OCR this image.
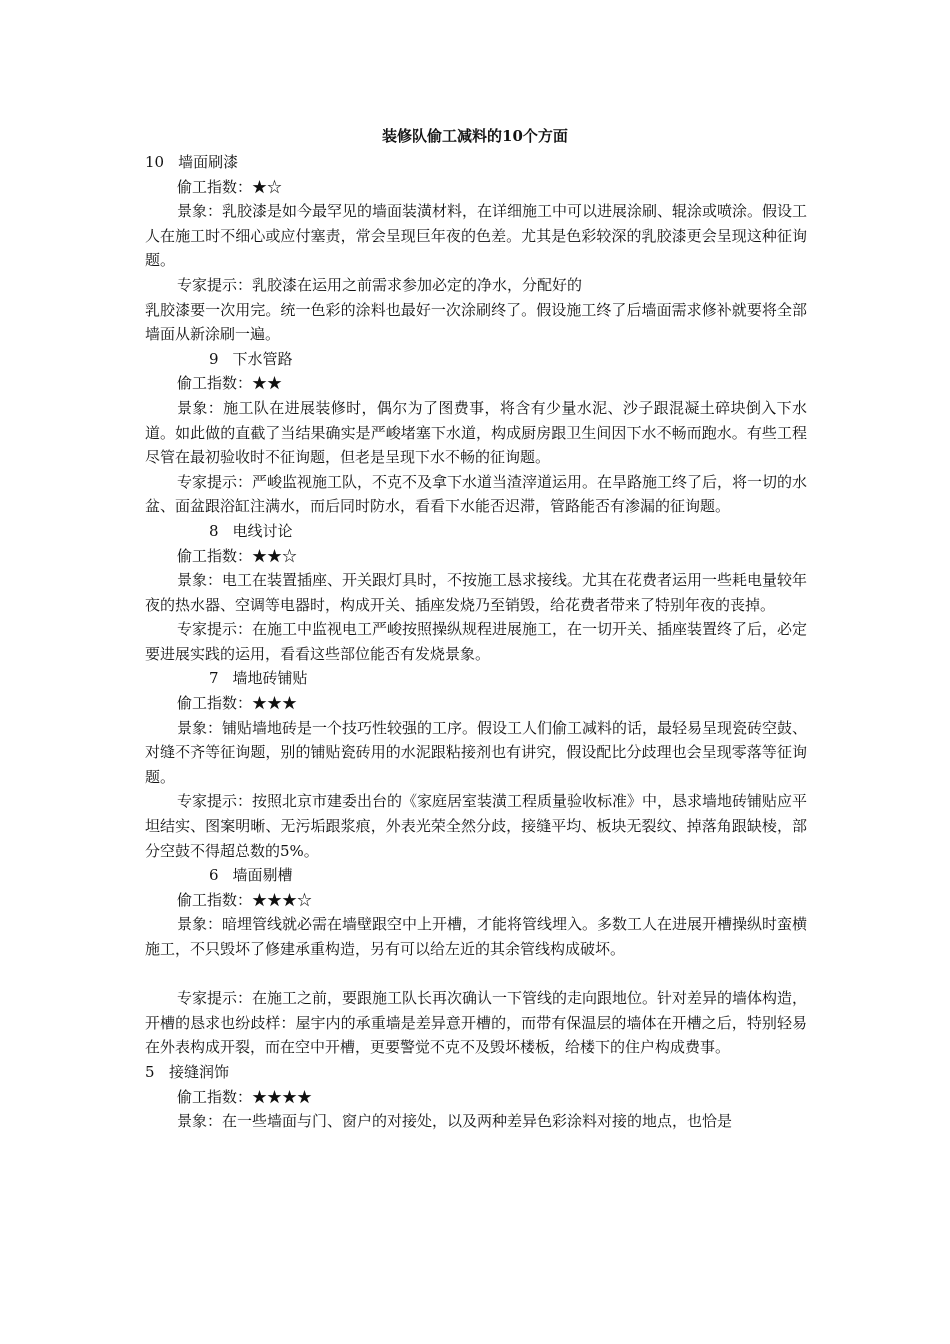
装修队偷工减料的10个方面

10 墙面刷漆

偷工指数：★☆

景象：乳胶漆是如今最罕见的墙面装潢材料，在详细施工中可以进展涂刷、辊涂或喷涂。假设工人在施工时不细心或应付塞责，常会呈现巨年夜的色差。尤其是色彩较深的乳胶漆更会呈现这种征询题。

专家提示：乳胶漆在运用之前需求参加必定的净水，分配好的

乳胶漆要一次用完。统一色彩的涂料也最好一次涂刷终了。假设施工终了后墙面需求修补就要将全部墙面从新涂刷一遍。

9 下水管路

偷工指数：★★

景象：施工队在进展装修时，偶尔为了图费事，将含有少量水泥、沙子跟混凝土碎块倒入下水道。如此做的直截了当结果确实是严峻堵塞下水道，构成厨房跟卫生间因下水不畅而跑水。有些工程尽管在最初验收时不征询题，但老是呈现下水不畅的征询题。

专家提示：严峻监视施工队，不克不及拿下水道当渣滓道运用。在旱路施工终了后，将一切的水盆、面盆跟浴缸注满水，而后同时防水，看看下水能否迟滞，管路能否有渗漏的征询题。

8 电线讨论

偷工指数：★★☆

景象：电工在装置插座、开关跟灯具时，不按施工恳求接线。尤其在花费者运用一些耗电量较年夜的热水器、空调等电器时，构成开关、插座发烧乃至销毁，给花费者带来了特别年夜的丧掉。

专家提示：在施工中监视电工严峻按照操纵规程进展施工，在一切开关、插座装置终了后，必定要进展实践的运用，看看这些部位能否有发烧景象。

7 墙地砖铺贴

偷工指数：★★★

景象：铺贴墙地砖是一个技巧性较强的工序。假设工人们偷工减料的话，最轻易呈现瓷砖空鼓、对缝不齐等征询题，别的铺贴瓷砖用的水泥跟粘接剂也有讲究，假设配比分歧理也会呈现零落等征询题。

专家提示：按照北京市建委出台的《家庭居室装潢工程质量验收标准》中，恳求墙地砖铺贴应平坦结实、图案明晰、无污垢跟浆痕，外表光荣全然分歧，接缝平均、板块无裂纹、掉落角跟缺棱，部分空鼓不得超总数的5%。

6 墙面剔槽

偷工指数：★★★☆

景象：暗埋管线就必需在墙壁跟空中上开槽，才能将管线埋入。多数工人在进展开槽操纵时蛮横施工，不只毁坏了修建承重构造，另有可以给左近的其余管线构成破坏。

专家提示：在施工之前，要跟施工队长再次确认一下管线的走向跟地位。针对差异的墙体构造，开槽的恳求也纷歧样：屋宇内的承重墙是差异意开槽的，而带有保温层的墙体在开槽之后，特别轻易在外表构成开裂，而在空中开槽，更要警觉不克不及毁坏楼板，给楼下的住户构成费事。

5 接缝润饰

偷工指数：★★★★

景象：在一些墙面与门、窗户的对接处，以及两种差异色彩涂料对接的地点，也恰是
